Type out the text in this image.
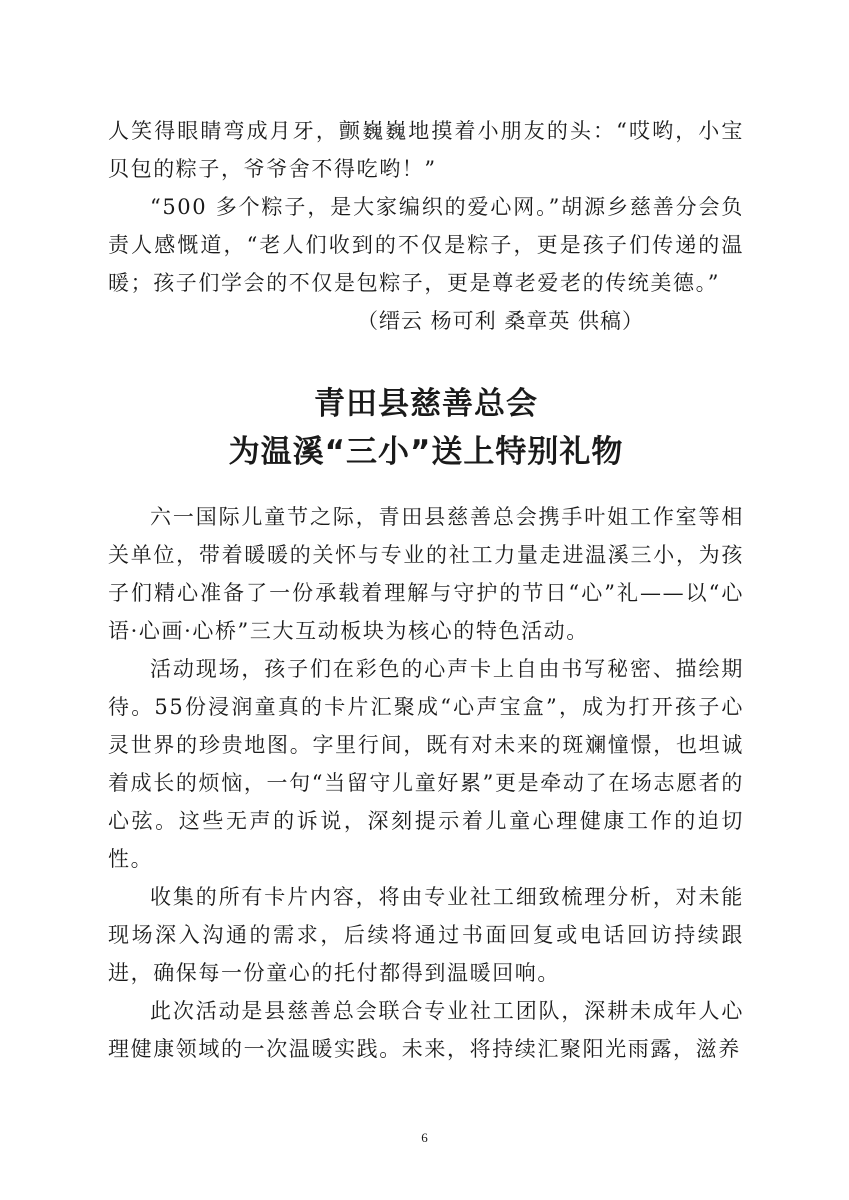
人笑得眼睛弯成月牙，颤巍巍地摸着小朋友的头：“哎哟，小宝贝包的粽子，爷爷舍不得吃哟！”

“500 多个粽子，是大家编织的爱心网。”胡源乡慈善分会负责人感慨道，“老人们收到的不仅是粽子，更是孩子们传递的温暖；孩子们学会的不仅是包粽子，更是尊老爱老的传统美德。”

（缙云 杨可利 桑章英 供稿）

青田县慈善总会

为温溪“三小”送上特别礼物

六一国际儿童节之际，青田县慈善总会携手叶姐工作室等相关单位，带着暖暖的关怀与专业的社工力量走进温溪三小，为孩子们精心准备了一份承载着理解与守护的节日“心”礼——以“心语·心画·心桥”三大互动板块为核心的特色活动。

活动现场，孩子们在彩色的心声卡上自由书写秘密、描绘期待。55份浸润童真的卡片汇聚成“心声宝盒”，成为打开孩子心灵世界的珍贵地图。字里行间，既有对未来的斑斓憧憬，也坦诚着成长的烦恼，一句“当留守儿童好累”更是牵动了在场志愿者的心弦。这些无声的诉说，深刻提示着儿童心理健康工作的迫切性。

收集的所有卡片内容，将由专业社工细致梳理分析，对未能现场深入沟通的需求，后续将通过书面回复或电话回访持续跟进，确保每一份童心的托付都得到温暖回响。

此次活动是县慈善总会联合专业社工团队，深耕未成年人心理健康领域的一次温暖实践。未来，将持续汇聚阳光雨露，滋养

6
